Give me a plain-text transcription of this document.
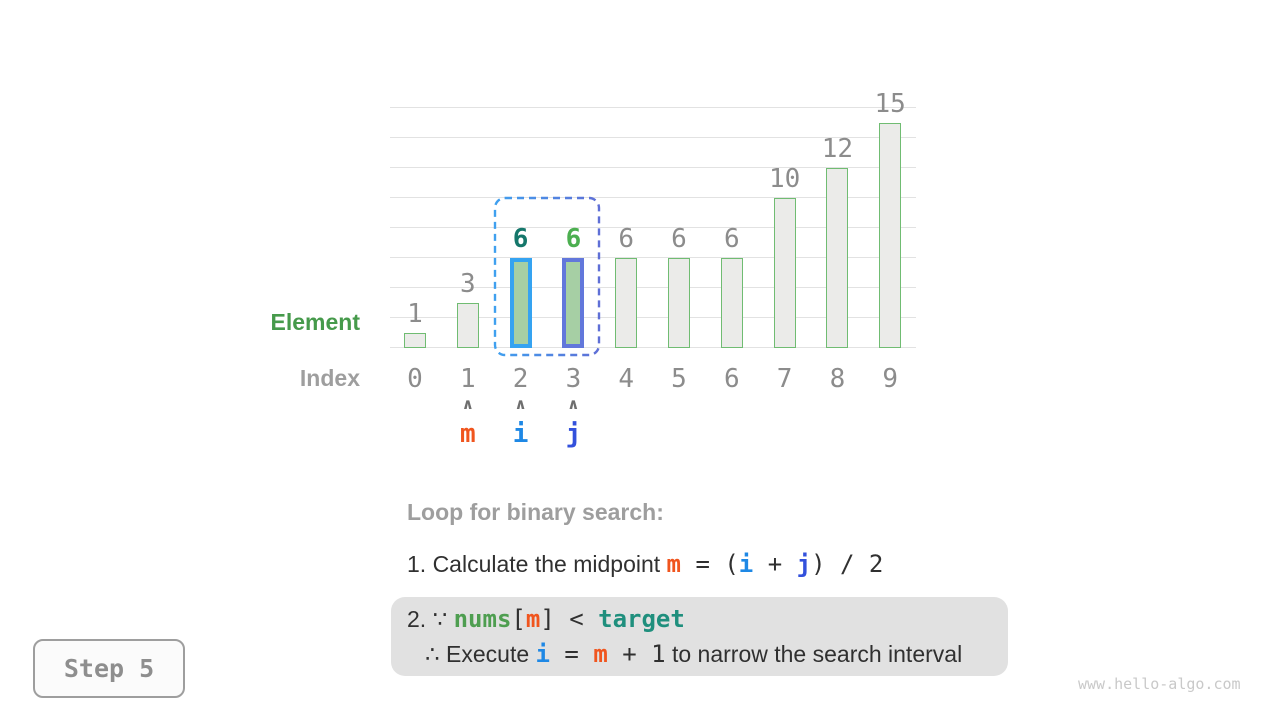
1
3
6	6	6	6	6
10
12
15
Element
Index	0	1	2	3	4	5	6	7	8	9
∧
m
∧
i
∧
j
Loop for binary search:
1. Calculate the midpoint m = (i + j) / 2
2. ∵ nums[m] < target
∴ Execute i = m + 1 to narrow the search interval
Step 5
www.hello-algo.com
